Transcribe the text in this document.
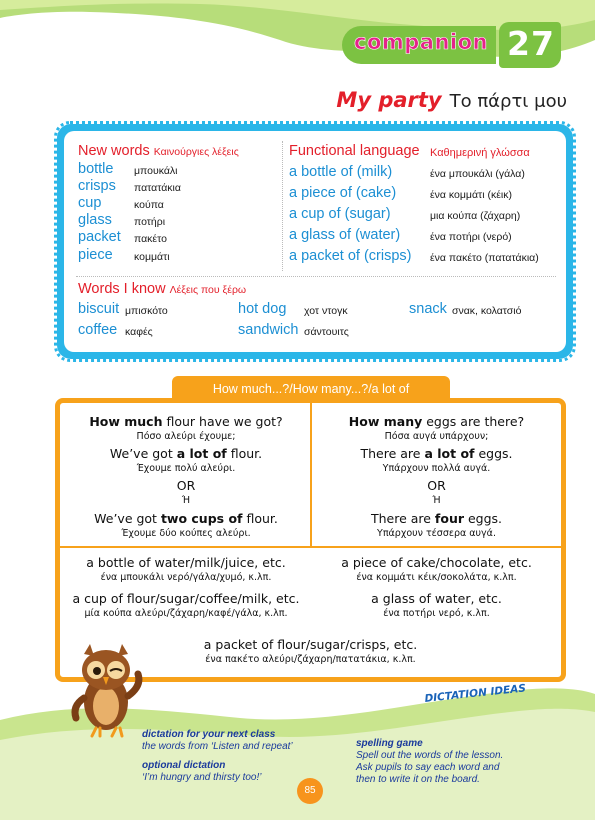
companion 27
My party Το πάρτι μου
New words Καινούργιες λέξεις
bottle μπουκάλι
crisps πατατάκια
cup	κούπα
glass ποτήρι
packet πακέτο
piece κομμάτι
Functional language Καθημερινή γλώσσα
a bottle of (milk)	ένα μπουκάλι (γάλα)
a piece of (cake)	ένα κομμάτι (κέικ)
a cup of (sugar)	μια κούπα (ζάχαρη)
a glass of (water)	ένα ποτήρι (νερό)
a packet of (crisps) ένα πακέτο (πατατάκια)
Words I know Λέξεις που ξέρω
biscuit μπισκότο
coffee καφές
hot dog χοτ ντογκ
sandwich σάντουιτς
snack σνακ, κολατσιό
How much...?/How many...?/a lot of
How much flour have we got?
Πόσο αλεύρι έχουμε;
We’ve got a lot of flour.
Έχουμε πολύ αλεύρι.
OR
Ή
We’ve got two cups of flour.
Έχουμε δύο κούπες αλεύρι.
How many eggs are there?
Πόσα αυγά υπάρχουν;
There are a lot of eggs.
Υπάρχουν πολλά αυγά.
OR
Ή
There are four eggs.
Υπάρχουν τέσσερα αυγά.
a bottle of water/milk/juice, etc.
ένα μπουκάλι νερό/γάλα/χυμό, κ.λπ.
a piece of cake/chocolate, etc.
ένα κομμάτι κέικ/σοκολάτα, κ.λπ.
a cup of flour/sugar/coffee/milk, etc.
μία κούπα αλεύρι/ζάχαρη/καφέ/γάλα, κ.λπ.
a glass of water, etc.
ένα ποτήρι νερό, κ.λπ.
a packet of flour/sugar/crisps, etc.
ένα πακέτο αλεύρι/ζάχαρη/πατατάκια, κ.λπ.
DICTATION IDEAS
dictation for your next class
the words from ‘Listen and repeat’
optional dictation
‘I’m hungry and thirsty too!’
spelling game
Spell out the words of the lesson.
Ask pupils to say each word and
then to write it on the board.
85
